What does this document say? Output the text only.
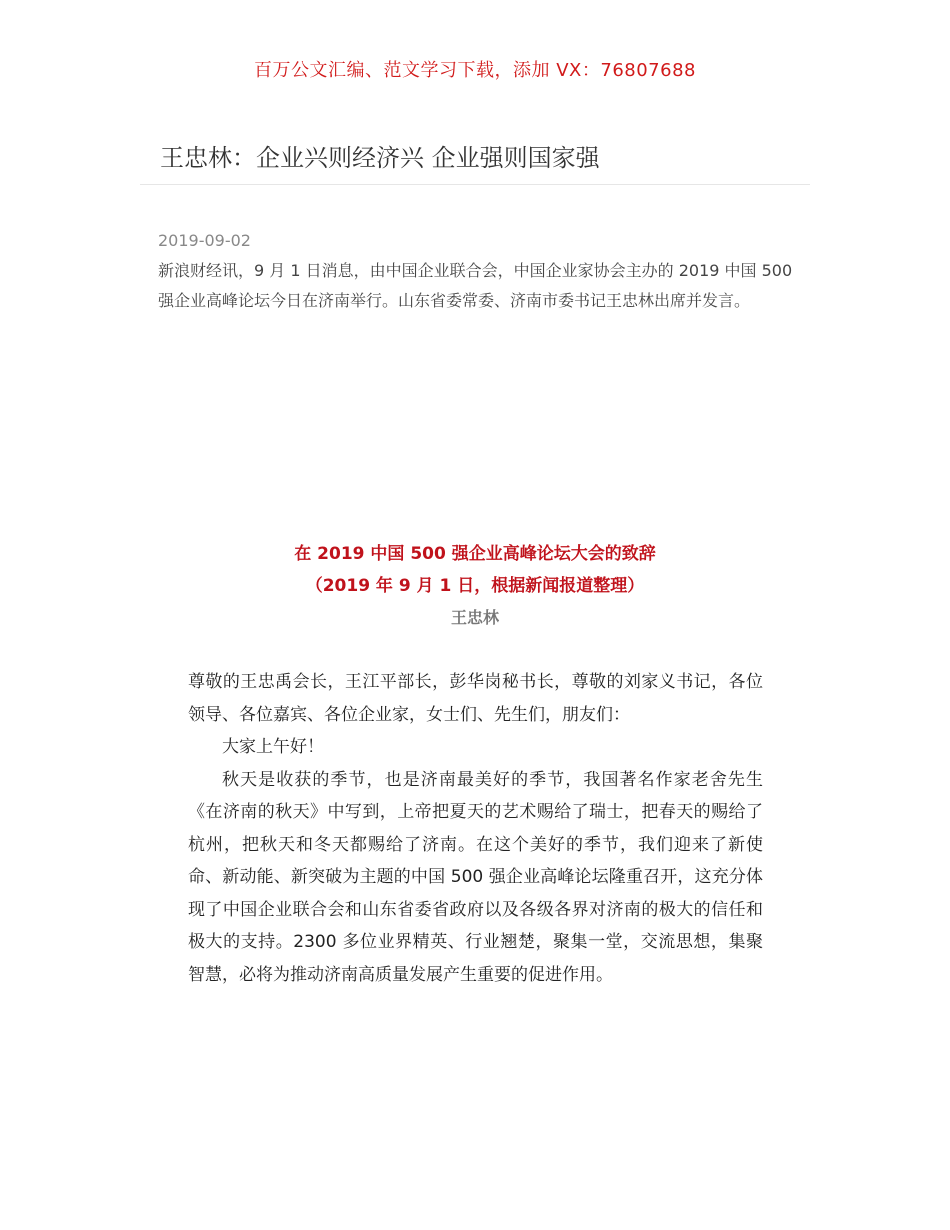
百万公文汇编、范文学习下载，添加 VX：76807688
王忠林：企业兴则经济兴 企业强则国家强
2019-09-02
新浪财经讯，9 月 1 日消息，由中国企业联合会，中国企业家协会主办的 2019 中国 500 强企业高峰论坛今日在济南举行。山东省委常委、济南市委书记王忠林出席并发言。
在 2019 中国 500 强企业高峰论坛大会的致辞
（2019 年 9 月 1 日，根据新闻报道整理）
王忠林

尊敬的王忠禹会长，王江平部长，彭华岗秘书长，尊敬的刘家义书记，各位领导、各位嘉宾、各位企业家，女士们、先生们，朋友们：

大家上午好！

秋天是收获的季节，也是济南最美好的季节，我国著名作家老舍先生《在济南的秋天》中写到，上帝把夏天的艺术赐给了瑞士，把春天的赐给了杭州，把秋天和冬天都赐给了济南。在这个美好的季节，我们迎来了新使命、新动能、新突破为主题的中国 500 强企业高峰论坛隆重召开，这充分体现了中国企业联合会和山东省委省政府以及各级各界对济南的极大的信任和极大的支持。2300 多位业界精英、行业翘楚，聚集一堂，交流思想，集聚智慧，必将为推动济南高质量发展产生重要的促进作用。
